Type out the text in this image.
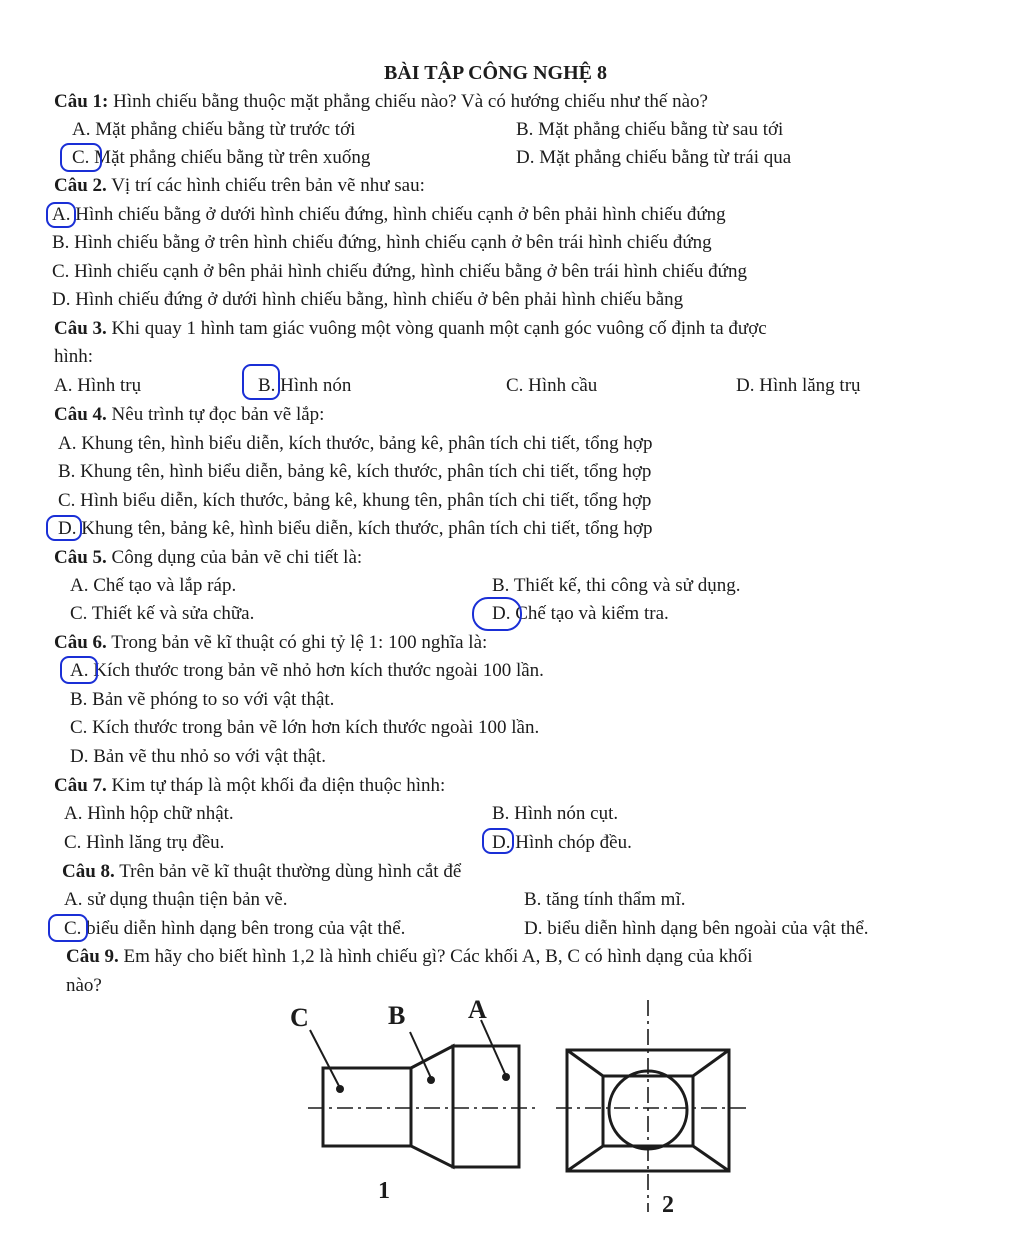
BÀI TẬP CÔNG NGHỆ 8
Câu 1: Hình chiếu bằng thuộc mặt phẳng chiếu nào? Và có hướng chiếu như thế nào?
A. Mặt phẳng chiếu bằng từ trước tới	B. Mặt phẳng chiếu bằng từ sau tới
C. Mặt phẳng chiếu bằng từ trên xuống	D. Mặt phẳng chiếu bằng từ trái qua
Câu 2. Vị trí các hình chiếu trên bản vẽ như sau:
A. Hình chiếu bằng ở dưới hình chiếu đứng, hình chiếu cạnh ở bên phải hình chiếu đứng
B. Hình chiếu bằng ở trên hình chiếu đứng, hình chiếu cạnh ở bên trái hình chiếu đứng
C. Hình chiếu cạnh ở bên phải hình chiếu đứng, hình chiếu bằng ở bên trái hình chiếu đứng
D. Hình chiếu đứng ở dưới hình chiếu bằng, hình chiếu ở bên phải hình chiếu bằng
Câu 3. Khi quay 1 hình tam giác vuông một vòng quanh một cạnh góc vuông cố định ta được
hình:
A. Hình trụ	B. Hình nón	C. Hình cầu	D. Hình lăng trụ
Câu 4. Nêu trình tự đọc bản vẽ lắp:
A. Khung tên, hình biểu diễn, kích thước, bảng kê, phân tích chi tiết, tổng hợp
B. Khung tên, hình biểu diễn, bảng kê, kích thước, phân tích chi tiết, tổng hợp
C. Hình biểu diễn, kích thước, bảng kê, khung tên, phân tích chi tiết, tổng hợp
D. Khung tên, bảng kê, hình biểu diễn, kích thước, phân tích chi tiết, tổng hợp
Câu 5. Công dụng của bản vẽ chi tiết là:
A. Chế tạo và lắp ráp.	B. Thiết kế, thi công và sử dụng.
C. Thiết kế và sửa chữa.	D. Chế tạo và kiểm tra.
Câu 6. Trong bản vẽ kĩ thuật có ghi tỷ lệ 1: 100 nghĩa là:
A. Kích thước trong bản vẽ nhỏ hơn kích thước ngoài 100 lần.
B. Bản vẽ phóng to so với vật thật.
C. Kích thước trong bản vẽ lớn hơn kích thước ngoài 100 lần.
D. Bản vẽ thu nhỏ so với vật thật.
Câu 7. Kim tự tháp là một khối đa diện thuộc hình:
A. Hình hộp chữ nhật.	B. Hình nón cụt.
C. Hình lăng trụ đều.	D. Hình chóp đều.
Câu 8. Trên bản vẽ kĩ thuật thường dùng hình cắt để
A. sử dụng thuận tiện bản vẽ.	B. tăng tính thẩm mĩ.
C. biểu diễn hình dạng bên trong của vật thể.	D. biểu diễn hình dạng bên ngoài của vật thể.
Câu 9. Em hãy cho biết hình 1,2 là hình chiếu gì? Các khối A, B, C có hình dạng của khối
nào?
C	B A
1
2
